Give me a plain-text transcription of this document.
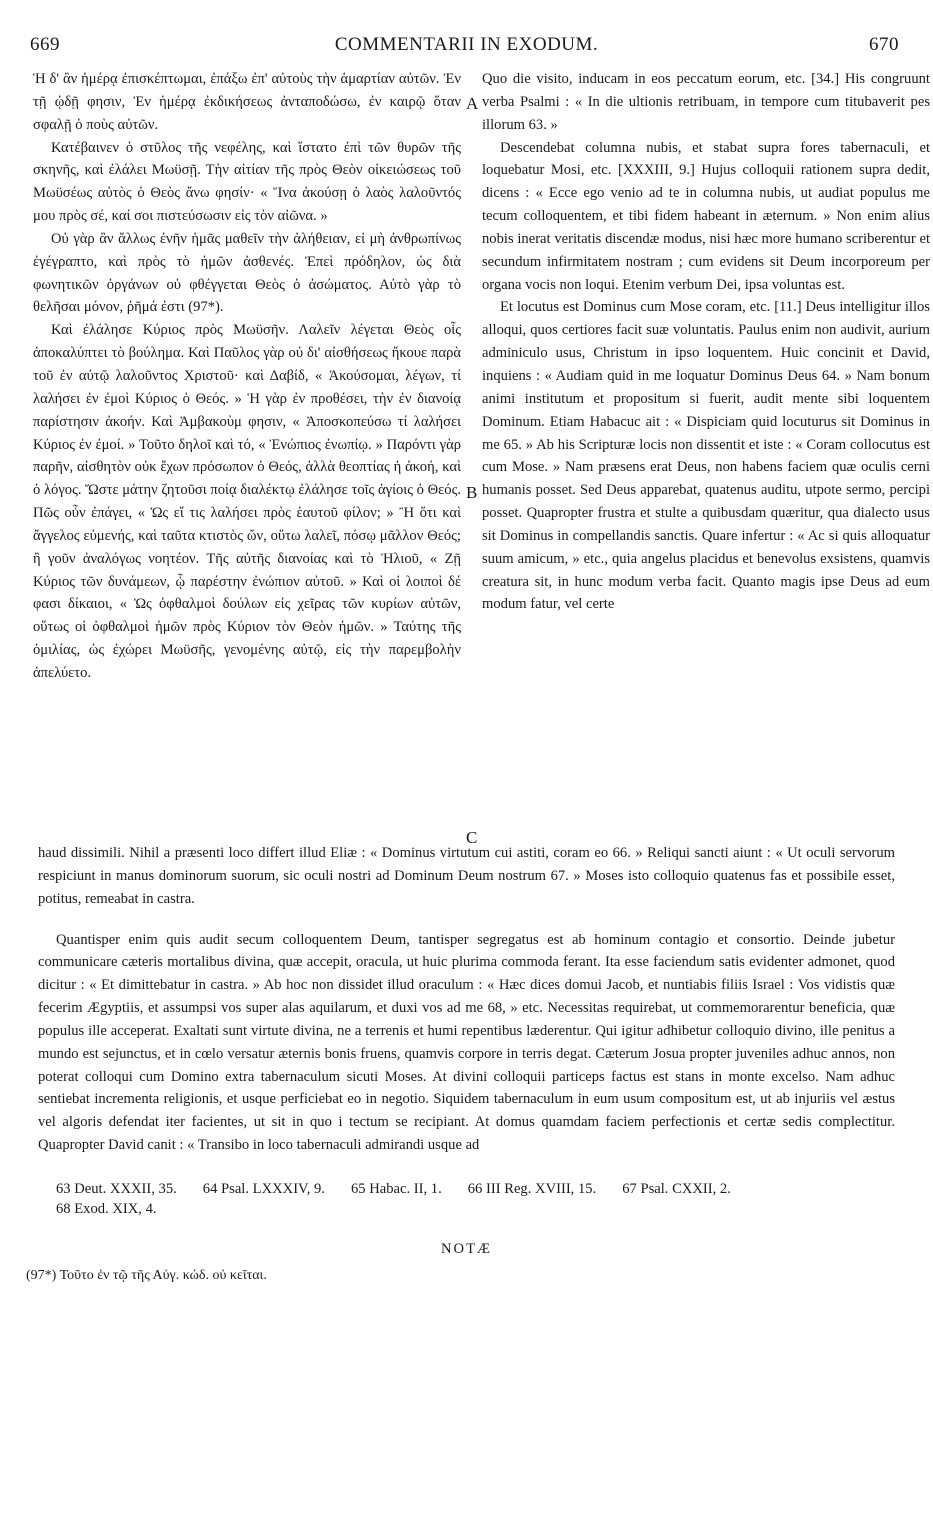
669	COMMENTARII IN EXODUM.	670

Ἡ δ' ἂν ἡμέρᾳ ἐπισκέπτωμαι, ἐπάξω ἐπ' αὐτοὺς τὴν ἁμαρτίαν αὐτῶν. Ἐν τῇ ᾠδῇ φησιν, Ἐν ἡμέρᾳ ἐκδικήσεως ἀνταποδώσω, ἐν καιρῷ ὅταν σφαλῇ ὁ ποὺς αὐτῶν.

Κατέβαινεν ὁ στῦλος τῆς νεφέλης, καὶ ἵστατο ἐπὶ τῶν θυρῶν τῆς σκηνῆς, καὶ ἐλάλει Μωϋσῇ. Τὴν αἰτίαν τῆς πρὸς Θεὸν οἰκειώσεως τοῦ Μωϋσέως αὐτὸς ὁ Θεὸς ἄνω φησίν· « Ἵνα ἀκούσῃ ὁ λαὸς λαλοῦντός μου πρὸς σέ, καί σοι πιστεύσωσιν εἰς τὸν αἰῶνα. »

Οὐ γὰρ ἂν ἄλλως ἐνῆν ἡμᾶς μαθεῖν τὴν ἀλήθειαν, εἰ μὴ ἀνθρωπίνως ἐγέγραπτο, καὶ πρὸς τὸ ἡμῶν ἀσθενές. Ἐπεὶ πρόδηλον, ὡς διὰ φωνητικῶν ὀργάνων οὐ φθέγγεται Θεὸς ὁ ἀσώματος. Αὐτὸ γὰρ τὸ θελῆσαι μόνον, ῥῆμά ἐστι (97*).

Καὶ ἐλάλησε Κύριος πρὸς Μωϋσῆν. Λαλεῖν λέγεται Θεὸς οἷς ἀποκαλύπτει τὸ βούλημα. Καὶ Παῦλος γὰρ οὐ δι' αἰσθήσεως ἤκουε παρὰ τοῦ ἐν αὐτῷ λαλοῦντος Χριστοῦ· καὶ Δαβίδ, « Ἀκούσομαι, λέγων, τί λαλήσει ἐν ἐμοὶ Κύριος ὁ Θεός. » Ἡ γὰρ ἐν προθέσει, τὴν ἐν διανοίᾳ παρίστησιν ἀκοήν. Καὶ Ἀμβακοὺμ φησιν, « Ἀποσκοπεύσω τί λαλήσει Κύριος ἐν ἐμοί. » Τοῦτο δηλοῖ καὶ τό, « Ἐνώπιος ἐνωπίῳ. » Παρόντι γὰρ παρῆν, αἰσθητὸν οὐκ ἔχων πρόσωπον ὁ Θεός, ἀλλὰ θεοπτίας ἡ ἀκοή, καὶ ὁ λόγος. Ὥστε μάτην ζητοῦσι ποίᾳ διαλέκτῳ ἐλάλησε τοῖς ἁγίοις ὁ Θεός. Πῶς οὖν ἐπάγει, « Ὡς εἴ τις λαλήσει πρὸς ἑαυτοῦ φίλον; » Ἢ ὅτι καὶ ἄγγελος εὐμενής, καὶ ταῦτα κτιστὸς ὤν, οὕτω λαλεῖ, πόσῳ μᾶλλον Θεός; ἢ γοῦν ἀναλόγως νοητέον. Τῆς αὐτῆς διανοίας καὶ τὸ Ἠλιοῦ, « Ζῇ Κύριος τῶν δυνάμεων, ᾧ παρέστην ἐνώπιον αὐτοῦ. » Καὶ οἱ λοιποὶ δέ φασι δίκαιοι, « Ὡς ὀφθαλμοὶ δούλων εἰς χεῖρας τῶν κυρίων αὐτῶν, οὕτως οἱ ὀφθαλμοὶ ἡμῶν πρὸς Κύριον τὸν Θεὸν ἡμῶν. » Ταύτης τῆς ὁμιλίας, ὡς ἐχώρει Μωϋσῆς, γενομένης αὐτῷ, εἰς τὴν παρεμβολὴν ἀπελύετο.

A
B
C

Quo die visito, inducam in eos peccatum eorum, etc. [34.] His congruunt verba Psalmi : « In die ultionis retribuam, in tempore cum titubaverit pes illorum 63. »

Descendebat columna nubis, et stabat supra fores tabernaculi, et loquebatur Mosi, etc. [XXXIII, 9.] Hujus colloquii rationem supra dedit, dicens : « Ecce ego venio ad te in columna nubis, ut audiat populus me tecum colloquentem, et tibi fidem habeant in æternum. » Non enim alius nobis inerat veritatis discendæ modus, nisi hæc more humano scriberentur et secundum infirmitatem nostram ; cum evidens sit Deum incorporeum per organa vocis non loqui. Etenim verbum Dei, ipsa voluntas est.

Et locutus est Dominus cum Mose coram, etc. [11.] Deus intelligitur illos alloqui, quos certiores facit suæ voluntatis. Paulus enim non audivit, aurium adminiculo usus, Christum in ipso loquentem. Huic concinit et David, inquiens : « Audiam quid in me loquatur Dominus Deus 64. » Nam bonum animi institutum et propositum si fuerit, audit mente sibi loquentem Dominum. Etiam Habacuc ait : « Dispiciam quid locuturus sit Dominus in me 65. » Ab his Scripturæ locis non dissentit et iste : « Coram collocutus est cum Mose. » Nam præsens erat Deus, non habens faciem quæ oculis cerni humanis posset. Sed Deus apparebat, quatenus auditu, utpote sermo, percipi posset. Quapropter frustra et stulte a quibusdam quæritur, qua dialecto usus sit Dominus in compellandis sanctis. Quare infertur : « Ac si quis alloquatur suum amicum, » etc., quia angelus placidus et benevolus exsistens, quamvis creatura sit, in hunc modum verba facit. Quanto magis ipse Deus ad eum modum fatur, vel certe

haud dissimili. Nihil a præsenti loco differt illud Eliæ : « Dominus virtutum cui astiti, coram eo 66. » Reliqui sancti aiunt : « Ut oculi servorum respiciunt in manus dominorum suorum, sic oculi nostri ad Dominum Deum nostrum 67. » Moses isto colloquio quatenus fas et possibile esset, potitus, remeabat in castra.

Quantisper enim quis audit secum colloquentem Deum, tantisper segregatus est ab hominum contagio et consortio. Deinde jubetur communicare cæteris mortalibus divina, quæ accepit, oracula, ut huic plurima commoda ferant. Ita esse faciendum satis evidenter admonet, quod dicitur : « Et dimittebatur in castra. » Ab hoc non dissidet illud oraculum : « Hæc dices domui Jacob, et nuntiabis filiis Israel : Vos vidistis quæ fecerim Ægyptiis, et assumpsi vos super alas aquilarum, et duxi vos ad me 68, » etc. Necessitas requirebat, ut commemorarentur beneficia, quæ populus ille acceperat. Exaltati sunt virtute divina, ne a terrenis et humi repentibus læderentur. Qui igitur adhibetur colloquio divino, ille penitus a mundo est sejunctus, et in cœlo versatur æternis bonis fruens, quamvis corpore in terris degat. Cæterum Josua propter juveniles adhuc annos, non poterat colloqui cum Domino extra tabernaculum sicuti Moses. At divini colloquii particeps factus est stans in monte excelso. Nam adhuc sentiebat incrementa religionis, et usque perficiebat eo in negotio. Siquidem tabernaculum in eum usum compositum est, ut ab injuriis vel æstus vel algoris defendat iter facientes, ut sit in quo i tectum se recipiant. At domus quamdam faciem perfectionis et certæ sedis complectitur. Quapropter David canit : « Transibo in loco tabernaculi admirandi usque ad

63 Deut. XXXII, 35. 64 Psal. LXXXIV, 9. 65 Habac. II, 1. 66 III Reg. XVIII, 15. 67 Psal. CXXII, 2.
68 Exod. XIX, 4.
NOTÆ
(97*) Τοῦτο ἐν τῷ τῆς Αὐγ. κώδ. οὐ κεῖται.
